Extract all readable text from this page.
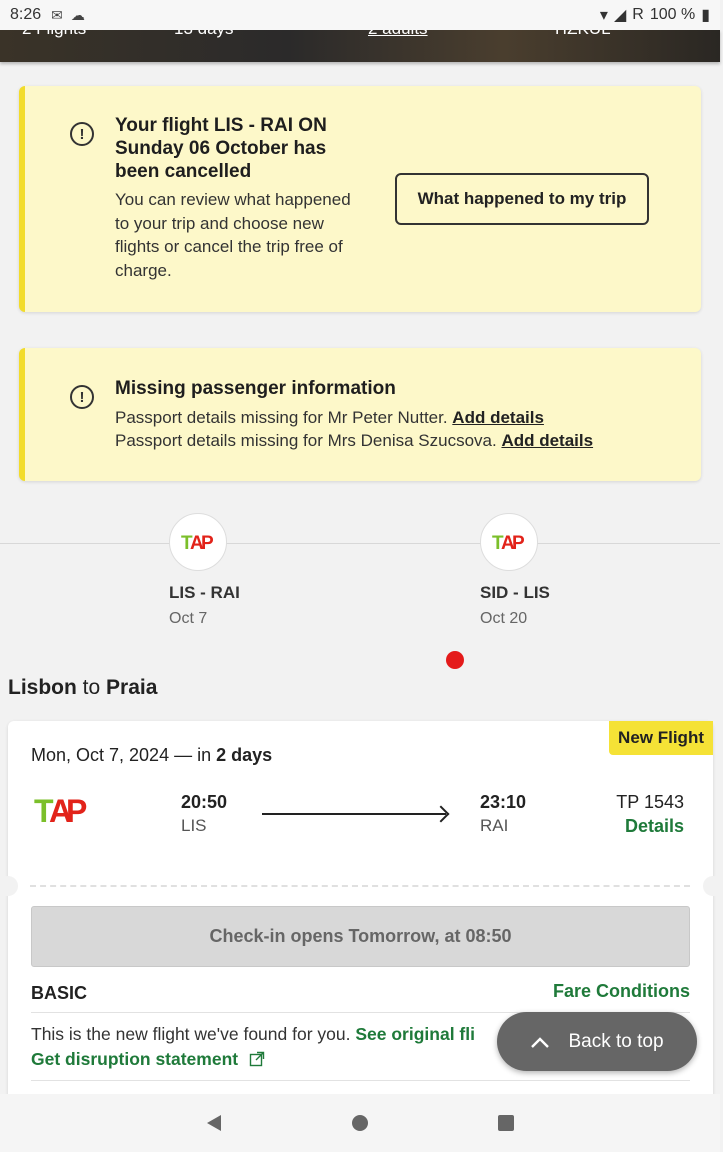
8:26 ✉ ☁	▾ ◢ R 100 % ▮
!	Your flight LIS - RAI ON Sunday 06 October has been cancelled

You can review what happened to your trip and choose new flights or cancel the trip free of charge.

What happened to my trip
!	Missing passenger information

Passport details missing for Mr Peter Nutter. Add details

Passport details missing for Mrs Denisa Szucsova. Add details

T
A
P
LIS - RAI
Oct 7
T
A
P
SID - LIS
Oct 20
Lisbon to Praia
New Flight
Mon, Oct 7, 2024 — in 2 days
T
A
P	20:50
LIS
23:10
RAI
TP 1543
Details
Check-in opens Tomorrow, at 08:50
BASIC	Fare Conditions
This is the new flight we've found for you. See original fli
Get disruption statement
Back to top
